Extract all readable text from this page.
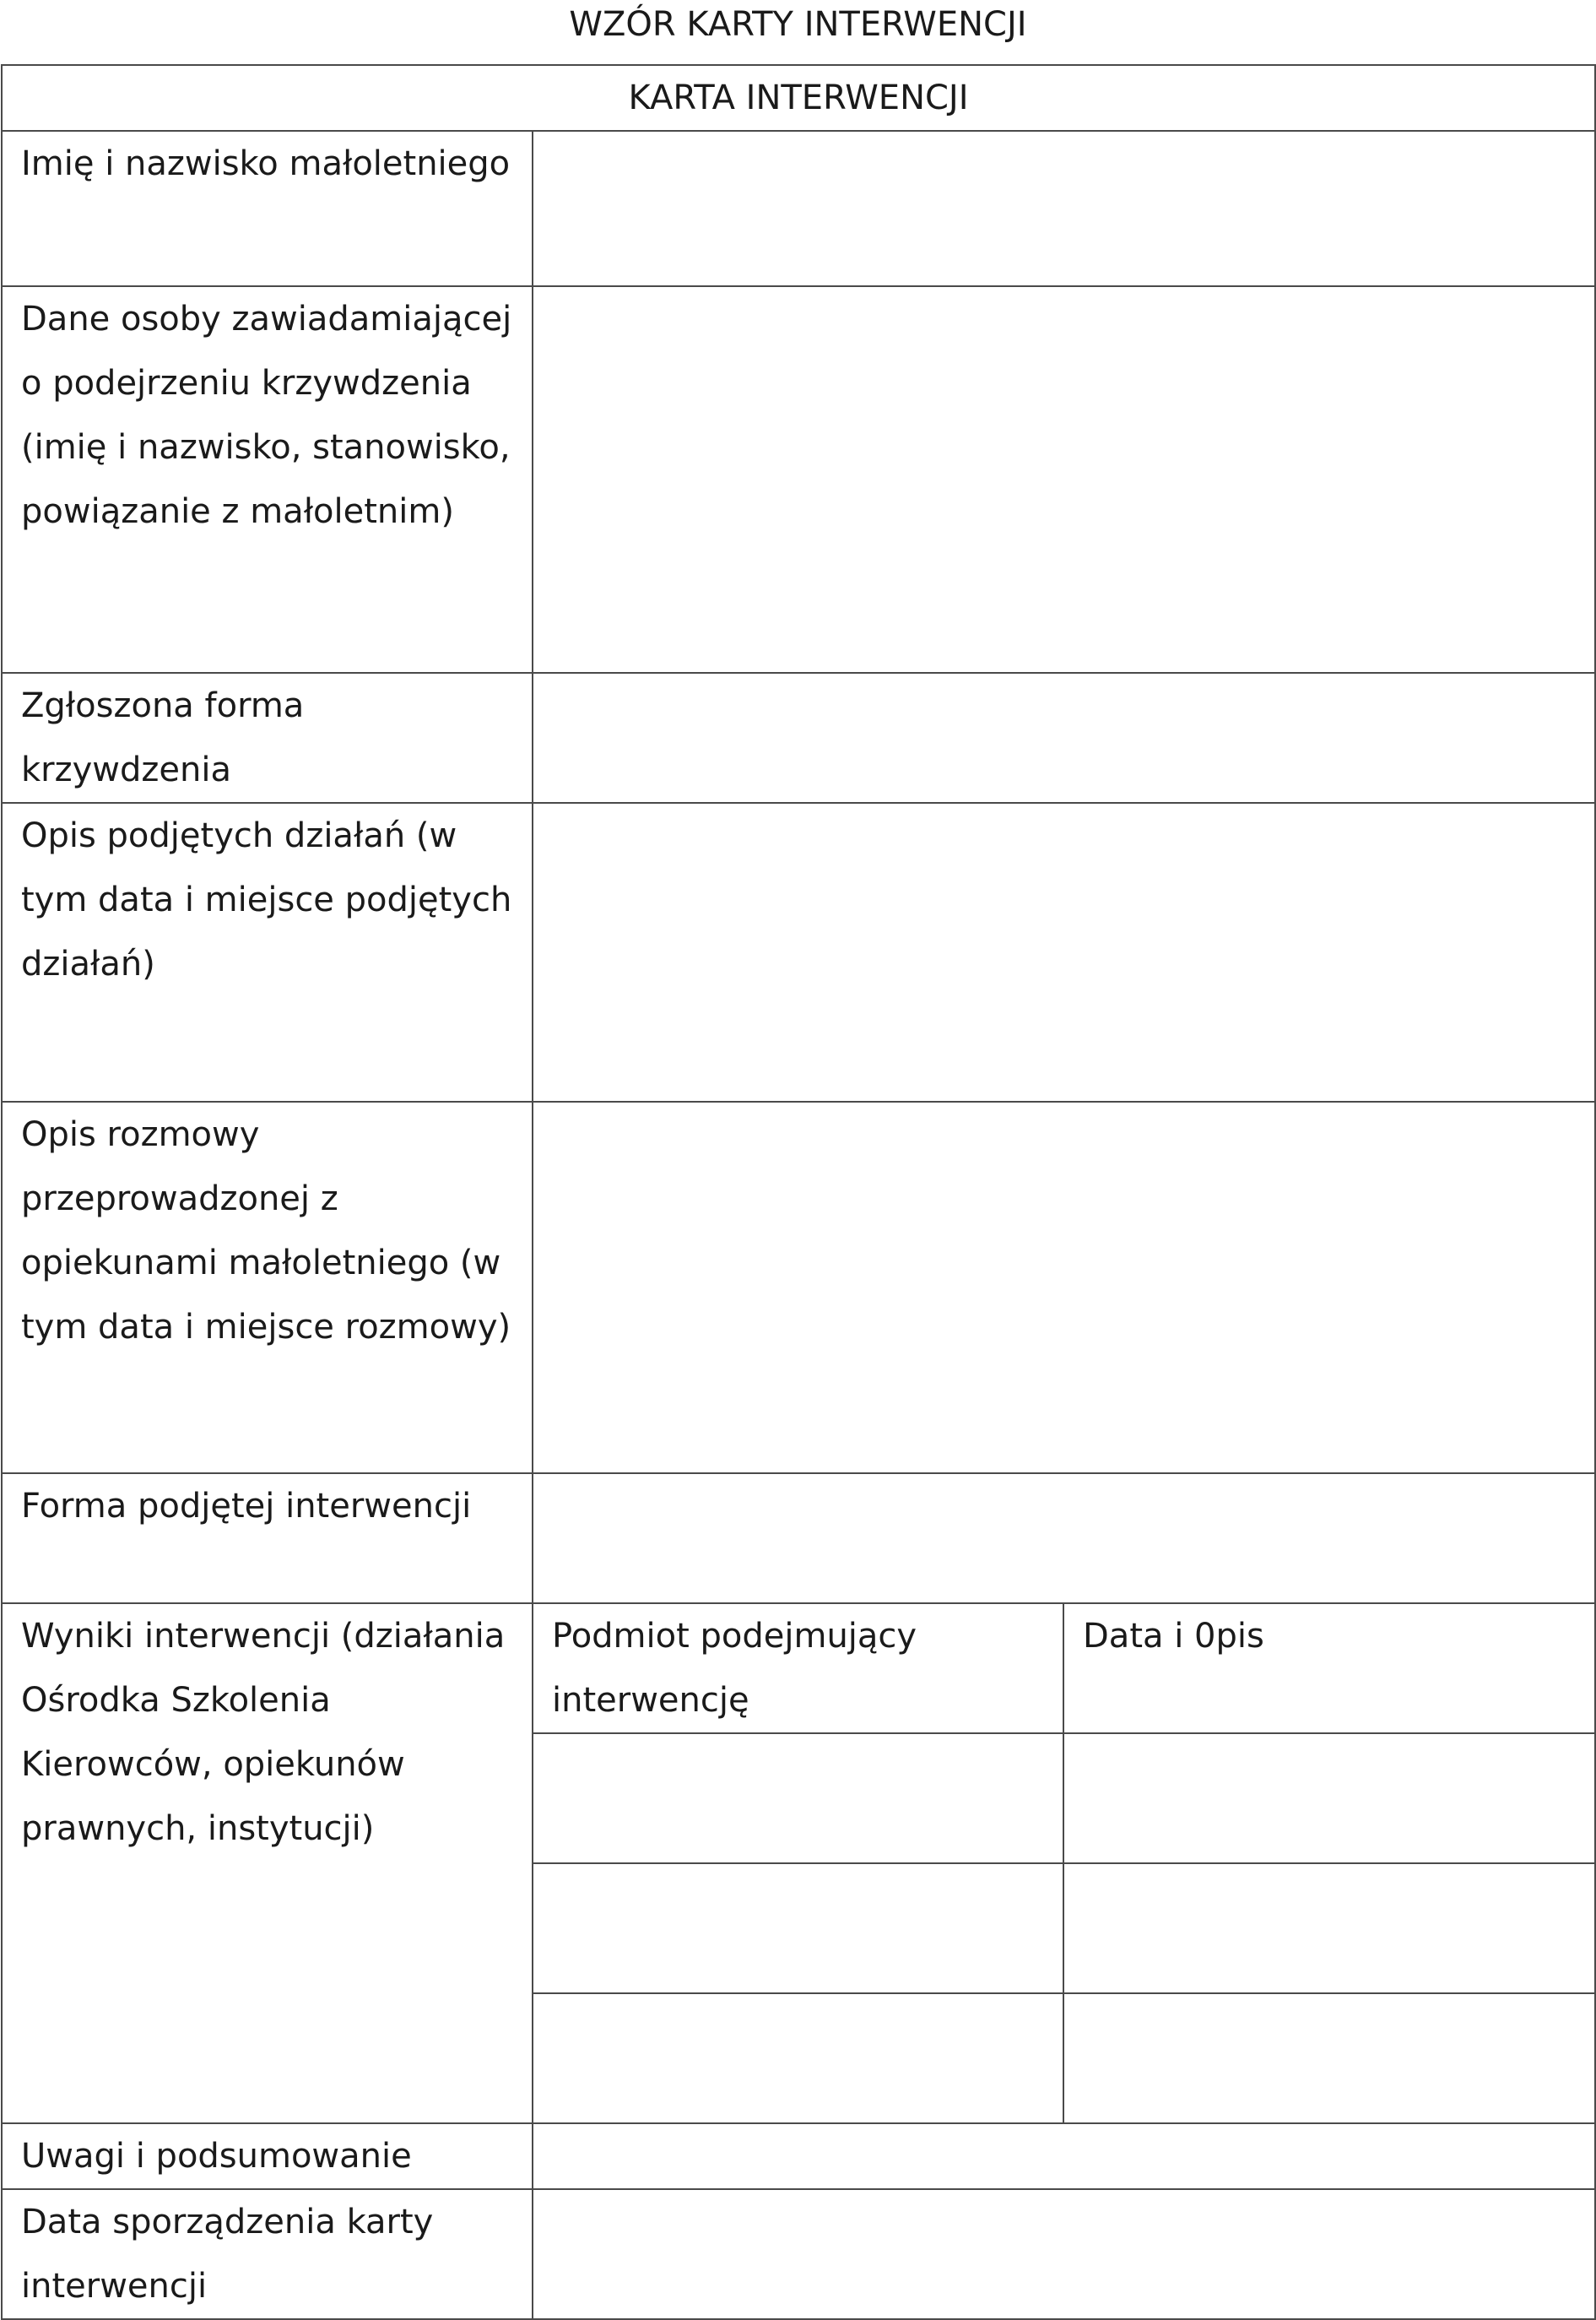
WZÓR KARTY INTERWENCJI
KARTA INTERWENCJI		

Imię i nazwisko małoletniego		

Dane osoby zawiadamiającej o podejrzeniu krzywdzenia (imię i nazwisko, stanowisko, powiązanie z małoletnim)		

Zgłoszona forma krzywdzenia		

Opis podjętych działań (w tym data i miejsce podjętych działań)		

Opis rozmowy przeprowadzonej z opiekunami małoletniego (w tym data i miejsce rozmowy)		

Forma podjętej interwencji		

Wyniki interwencji (działania Ośrodka Szkolenia Kierowców, opiekunów prawnych, instytucji)	Podmiot podejmujący interwencję	Data i 0pis

Uwagi i podsumowanie		

Data sporządzenia karty interwencji		
